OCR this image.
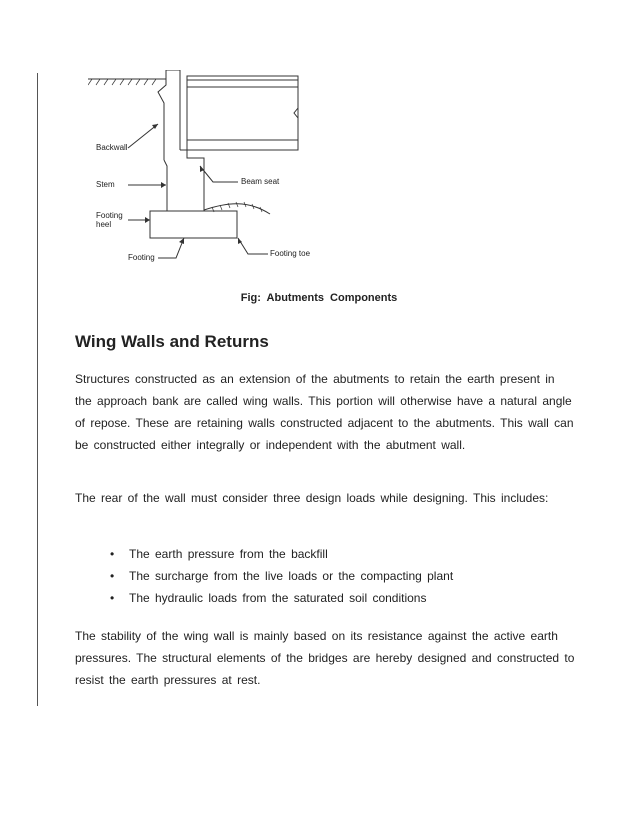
Backwall
Stem
Footing
heel
Footing
Beam seat
Footing toe
Fig: Abutments Components
Wing Walls and Returns

Structures constructed as an extension of the abutments to retain the earth present in the approach bank are called wing walls. This portion will otherwise have a natural angle of repose. These are retaining walls constructed adjacent to the abutments. This wall can be constructed either integrally or independent with the abutment wall.

The rear of the wall must consider three design loads while designing. This includes:

• The earth pressure from the backfill
• The surcharge from the live loads or the compacting plant
• The hydraulic loads from the saturated soil conditions

The stability of the wing wall is mainly based on its resistance against the active earth pressures. The structural elements of the bridges are hereby designed and constructed to resist the earth pressures at rest.
